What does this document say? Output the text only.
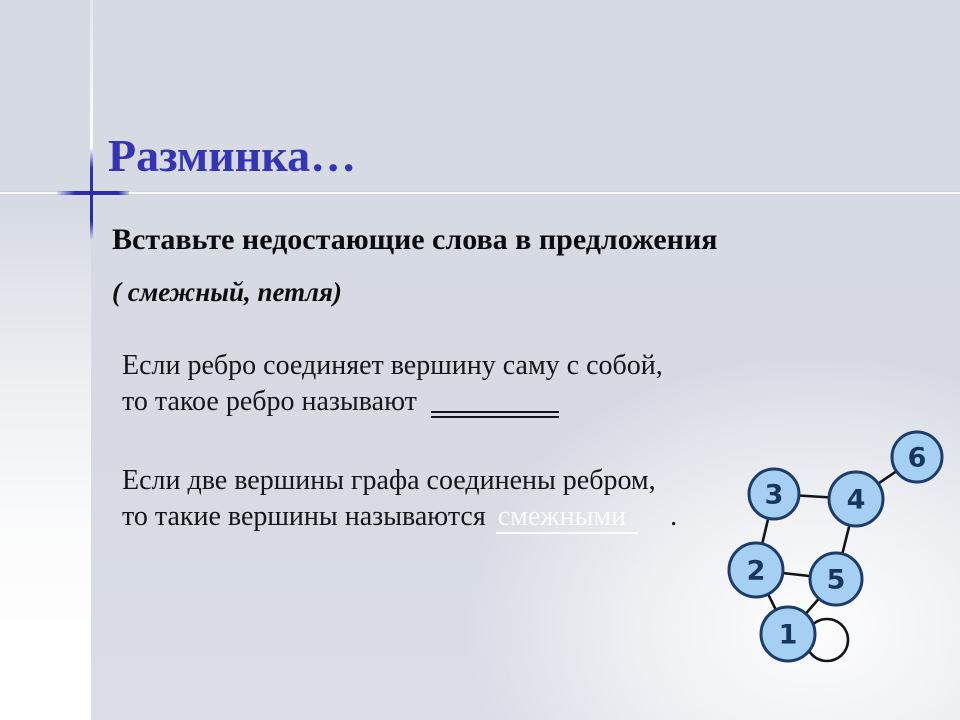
Разминка…
Вставьте недостающие слова в предложения
( смежный, петля)
Если ребро соединяет вершину саму с собой,
то такое ребро называют
Если две вершины графа соединены ребром,
то такие вершины называются смежными .
1
2
3 4
5
6
